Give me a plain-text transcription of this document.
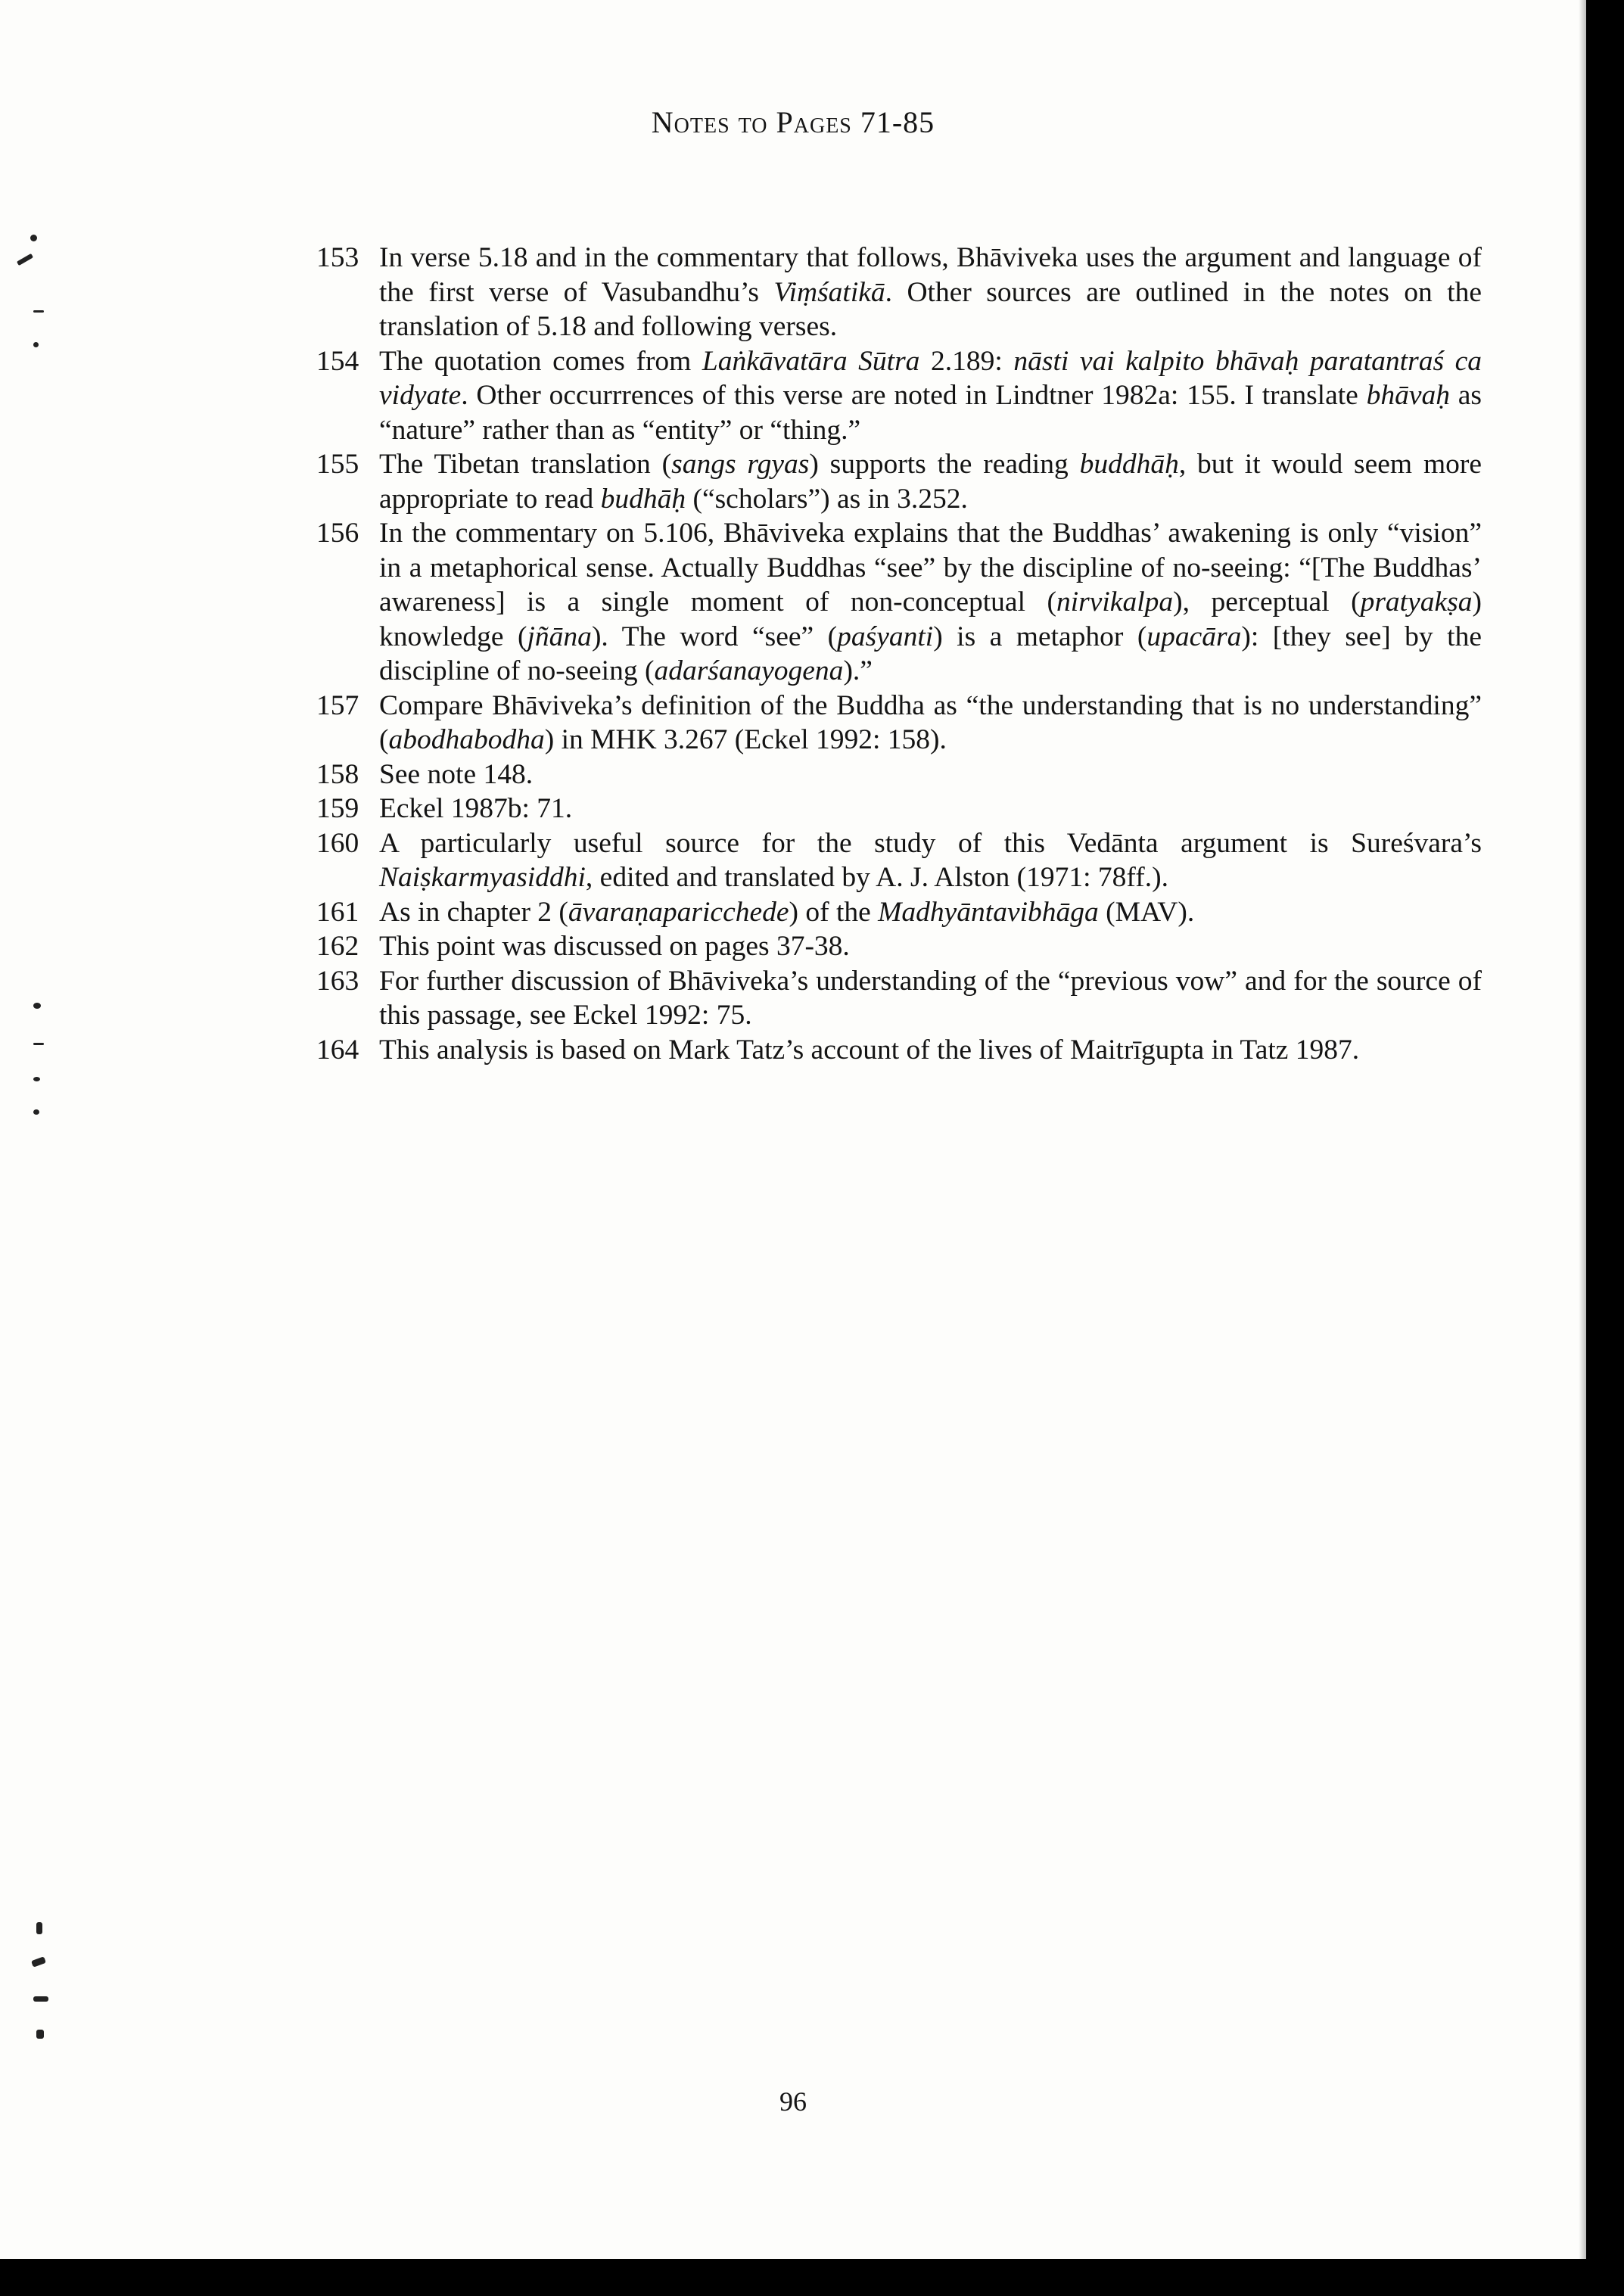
Notes to Pages 71-85
153 In verse 5.18 and in the commentary that follows, Bhāviveka uses the argument and language of the first verse of Vasubandhu’s Viṃśatikā. Other sources are outlined in the notes on the translation of 5.18 and following verses.
154 The quotation comes from Laṅkāvatāra Sūtra 2.189: nāsti vai kalpito bhāvaḥ paratantraś ca vidyate. Other occurrrences of this verse are noted in Lindtner 1982a: 155. I translate bhāvaḥ as “nature” rather than as “entity” or “thing.”
155 The Tibetan translation (sangs rgyas) supports the reading buddhāḥ, but it would seem more appropriate to read budhāḥ (“scholars”) as in 3.252.
156 In the commentary on 5.106, Bhāviveka explains that the Buddhas’ awakening is only “vision” in a metaphorical sense. Actually Buddhas “see” by the discipline of no-seeing: “[The Buddhas’ awareness] is a single moment of non-conceptual (nirvikalpa), perceptual (pratyakṣa) knowledge (jñāna). The word “see” (paśyanti) is a metaphor (upacāra): [they see] by the discipline of no-seeing (adarśanayogena).”
157 Compare Bhāviveka’s definition of the Buddha as “the understanding that is no understanding” (abodhabodha) in MHK 3.267 (Eckel 1992: 158).
158 See note 148.
159 Eckel 1987b: 71.
160 A particularly useful source for the study of this Vedānta argument is Sureśvara’s Naiṣkarmyasiddhi, edited and translated by A. J. Alston (1971: 78ff.).
161 As in chapter 2 (āvaraṇaparicchede) of the Madhyāntavibhāga (MAV).
162 This point was discussed on pages 37-38.
163 For further discussion of Bhāviveka’s understanding of the “previous vow” and for the source of this passage, see Eckel 1992: 75.
164 This analysis is based on Mark Tatz’s account of the lives of Maitrīgupta in Tatz 1987.
96
